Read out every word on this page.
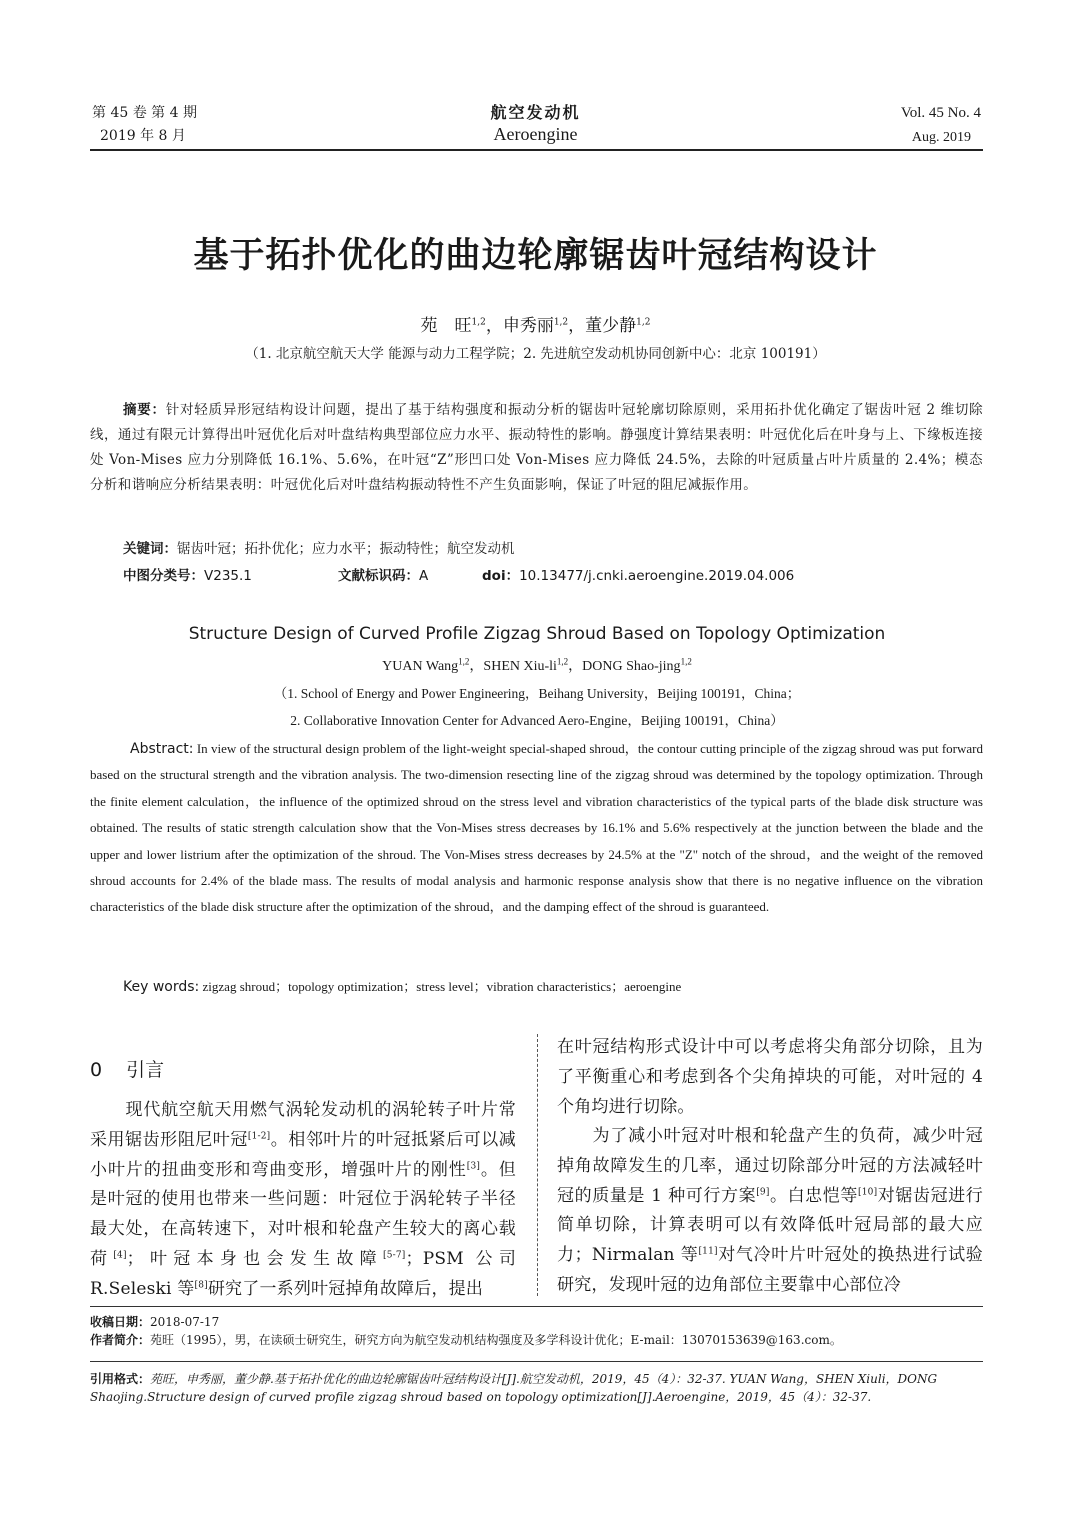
第 45 卷 第 4 期
2019 年 8 月
航空发动机
Aeroengine
Vol. 45 No. 4
Aug. 2019
基于拓扑优化的曲边轮廓锯齿叶冠结构设计
苑　旺$^{1,2}$，申秀丽$^{1,2}$，董少静$^{1,2}$
（1. 北京航空航天大学 能源与动力工程学院；2. 先进航空发动机协同创新中心：北京 100191）
摘要：针对轻质异形冠结构设计问题，提出了基于结构强度和振动分析的锯齿叶冠轮廓切除原则，采用拓扑优化确定了锯齿叶冠 2 维切除线，通过有限元计算得出叶冠优化后对叶盘结构典型部位应力水平、振动特性的影响。静强度计算结果表明：叶冠优化后在叶身与上、下缘板连接处 Von-Mises 应力分别降低 16.1%、5.6%，在叶冠“Z”形凹口处 Von-Mises 应力降低 24.5%，去除的叶冠质量占叶片质量的 2.4%；模态分析和谐响应分析结果表明：叶冠优化后对叶盘结构振动特性不产生负面影响，保证了叶冠的阻尼减振作用。
关键词：锯齿叶冠；拓扑优化；应力水平；振动特性；航空发动机
中图分类号：V235.1	文献标识码：A	doi：10.13477/j.cnki.aeroengine.2019.04.006
Structure Design of Curved Profile Zigzag Shroud Based on Topology Optimization
YUAN Wang$^{1,2}$，SHEN Xiu-li$^{1,2}$，DONG Shao-jing$^{1,2}$
（1. School of Energy and Power Engineering，Beihang University，Beijing 100191，China；
2. Collaborative Innovation Center for Advanced Aero-Engine，Beijing 100191，China）
Abstract: In view of the structural design problem of the light-weight special-shaped shroud，the contour cutting principle of the zigzag shroud was put forward based on the structural strength and the vibration analysis. The two-dimension resecting line of the zigzag shroud was determined by the topology optimization. Through the finite element calculation，the influence of the optimized shroud on the stress level and vibration characteristics of the typical parts of the blade disk structure was obtained. The results of static strength calculation show that the Von-Mises stress decreases by 16.1% and 5.6% respectively at the junction between the blade and the upper and lower listrium after the optimization of the shroud. The Von-Mises stress decreases by 24.5% at the "Z" notch of the shroud，and the weight of the removed shroud accounts for 2.4% of the blade mass. The results of modal analysis and harmonic response analysis show that there is no negative influence on the vibration characteristics of the blade disk structure after the optimization of the shroud，and the damping effect of the shroud is guaranteed.
Key words: zigzag shroud；topology optimization；stress level；vibration characteristics；aeroengine
0 引言
　　现代航空航天用燃气涡轮发动机的涡轮转子叶片常采用锯齿形阻尼叶冠[1-2]。相邻叶片的叶冠抵紧后可以减小叶片的扭曲变形和弯曲变形，增强叶片的刚性[3]。但是叶冠的使用也带来一些问题：叶冠位于涡轮转子半径最大处，在高转速下，对叶根和轮盘产生较大的离心载荷[4]；叶冠本身也会发生故障[5-7]；PSM 公司 R.Seleski 等[8]研究了一系列叶冠掉角故障后，提出
在叶冠结构形式设计中可以考虑将尖角部分切除，且为了平衡重心和考虑到各个尖角掉块的可能，对叶冠的 4 个角均进行切除。
　　为了减小叶冠对叶根和轮盘产生的负荷，减少叶冠掉角故障发生的几率，通过切除部分叶冠的方法减轻叶冠的质量是 1 种可行方案[9]。白忠恺等[10]对锯齿冠进行简单切除，计算表明可以有效降低叶冠局部的最大应力；Nirmalan 等[11]对气冷叶片叶冠处的换热进行试验研究，发现叶冠的边角部位主要靠中心部位冷
收稿日期：2018-07-17
作者简介：苑旺（1995），男，在读硕士研究生，研究方向为航空发动机结构强度及多学科设计优化；E-mail：13070153639@163.com。
引用格式：苑旺，申秀丽，董少静.基于拓扑优化的曲边轮廓锯齿叶冠结构设计[J].航空发动机，2019，45（4）：32-37. YUAN Wang，SHEN Xiuli，DONG Shaojing.Structure design of curved profile zigzag shroud based on topology optimization[J].Aeroengine，2019，45（4）：32-37.
